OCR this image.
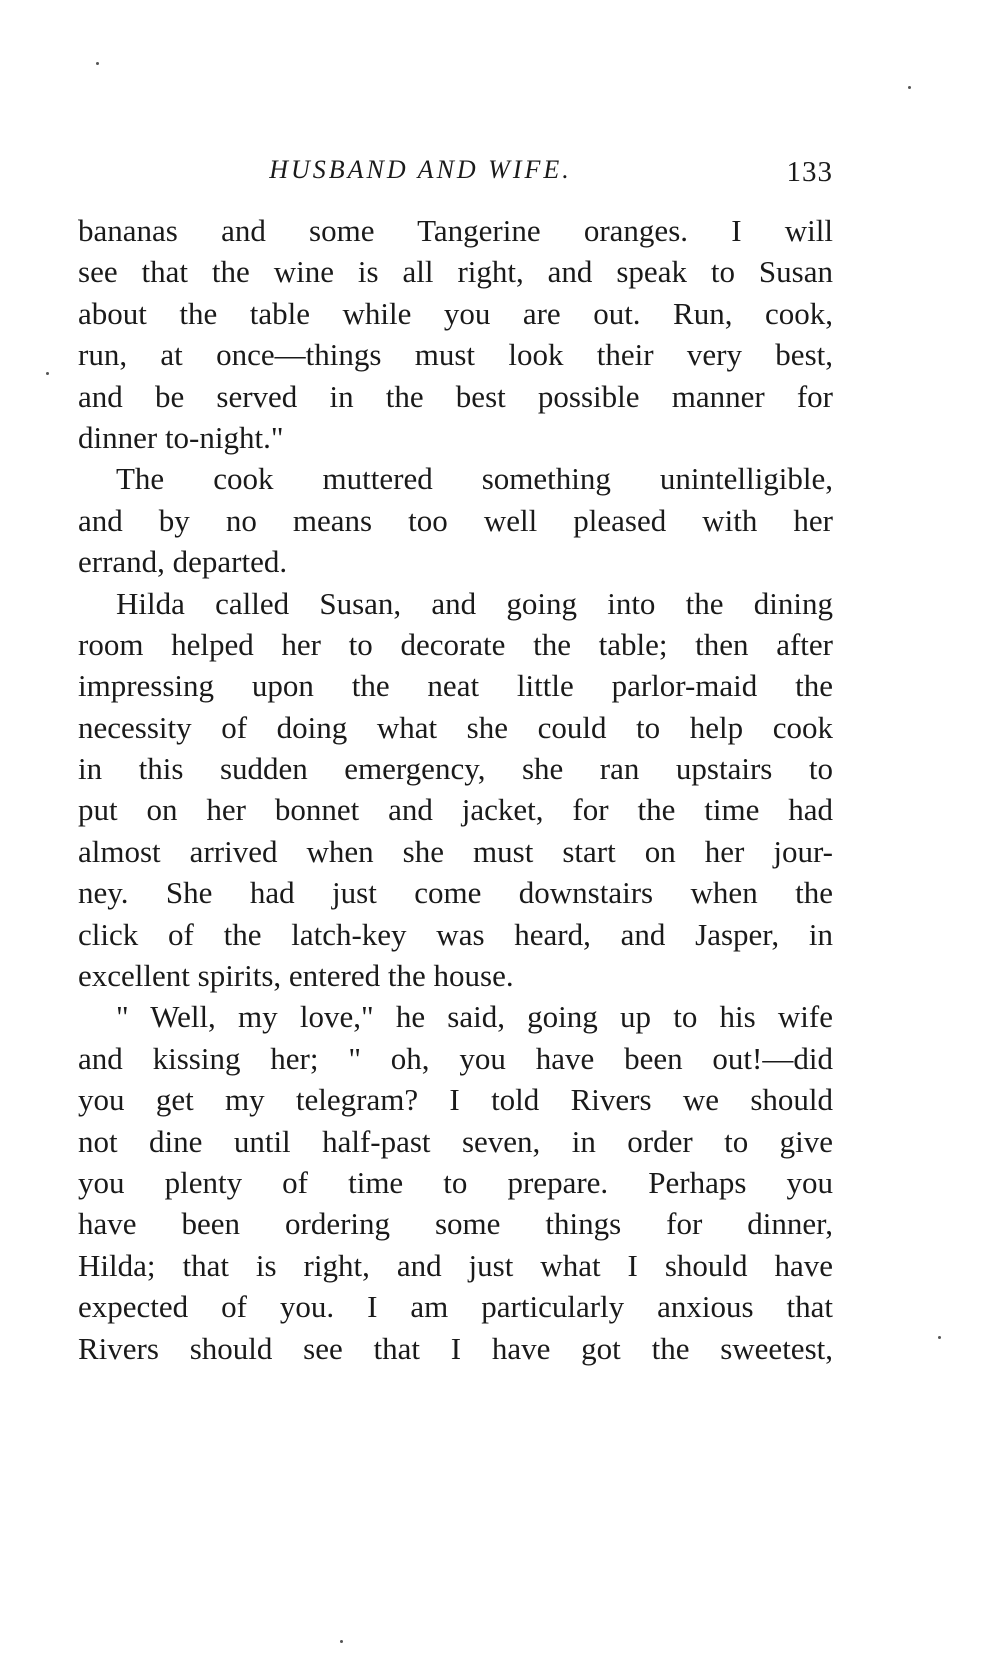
HUSBAND AND WIFE.	133
bananas and some Tangerine oranges. I will
see that the wine is all right, and speak to Susan
about the table while you are out. Run, cook,
run, at once—things must look their very best,
and be served in the best possible manner for
dinner to-night."
The cook muttered something unintelligible,
and by no means too well pleased with her
errand, departed.
Hilda called Susan, and going into the dining
room helped her to decorate the table; then after
impressing upon the neat little parlor-maid the
necessity of doing what she could to help cook
in this sudden emergency, she ran upstairs to
put on her bonnet and jacket, for the time had
almost arrived when she must start on her jour-
ney. She had just come downstairs when the
click of the latch-key was heard, and Jasper, in
excellent spirits, entered the house.
" Well, my love," he said, going up to his wife
and kissing her; " oh, you have been out!—did
you get my telegram? I told Rivers we should
not dine until half-past seven, in order to give
you plenty of time to prepare. Perhaps you
have been ordering some things for dinner,
Hilda; that is right, and just what I should have
expected of you. I am particularly anxious that
Rivers should see that I have got the sweetest,
